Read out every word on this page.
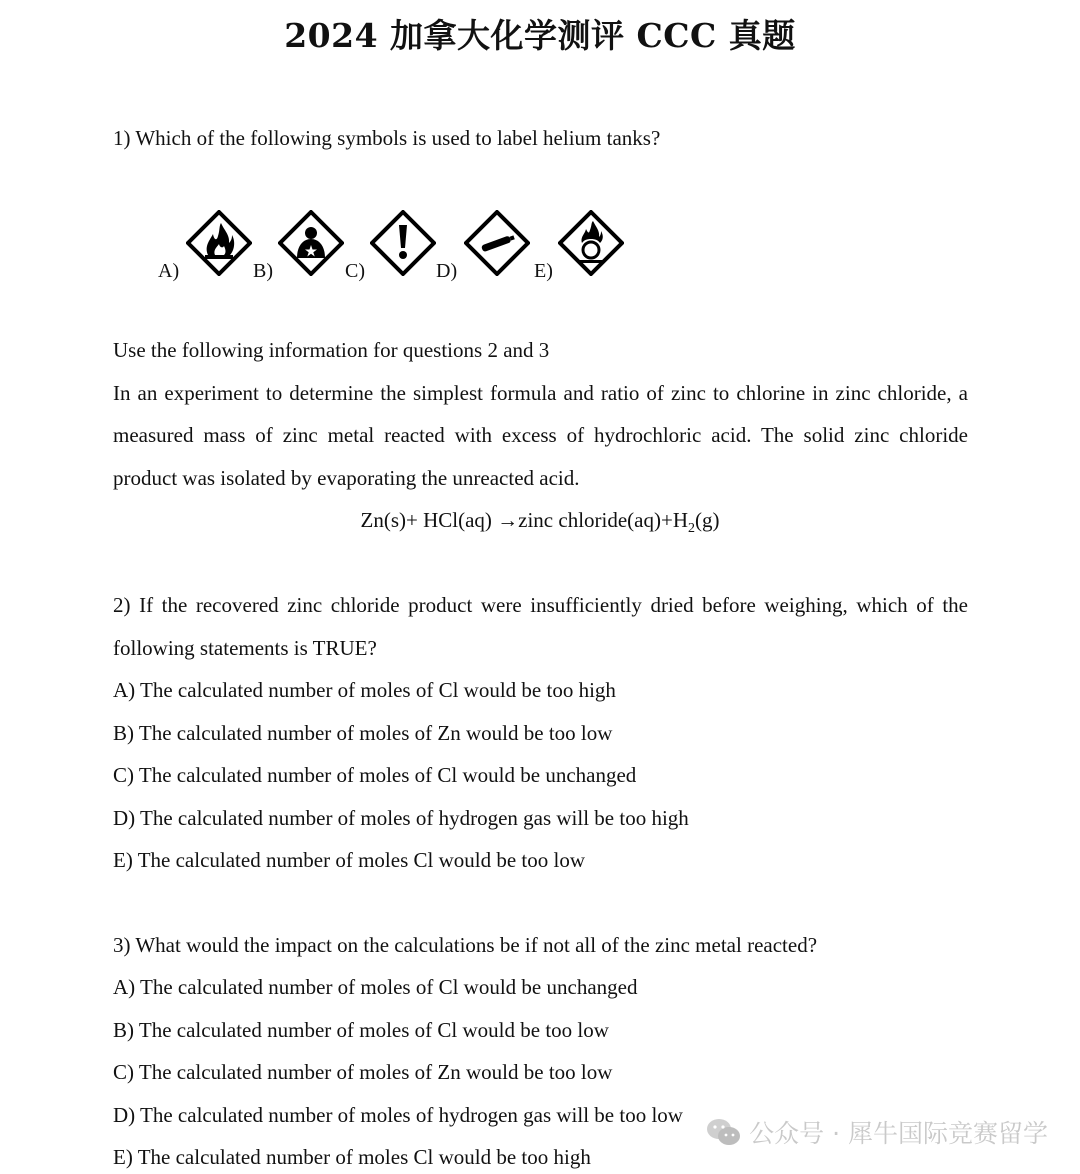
2024 加拿大化学测评 CCC 真题
1) Which of the following symbols is used to label helium tanks?
A)	B)	C)	D)	E)
Use the following information for questions 2 and 3
In an experiment to determine the simplest formula and ratio of zinc to chlorine in zinc chloride, a
measured mass of zinc metal reacted with excess of hydrochloric acid. The solid zinc chloride
product was isolated by evaporating the unreacted acid.
Zn(s)+ HCl(aq) →zinc $chloride(aq)+H_2(g)$
2) If the recovered zinc chloride product were insufficiently dried before weighing, which of the
following statements is TRUE?
A) The calculated number of moles of Cl would be too high
B) The calculated number of moles of Zn would be too low
C) The calculated number of moles of Cl would be unchanged
D) The calculated number of moles of hydrogen gas will be too high
E) The calculated number of moles Cl would be too low
3) What would the impact on the calculations be if not all of the zinc metal reacted?
A) The calculated number of moles of Cl would be unchanged
B) The calculated number of moles of Cl would be too low
C) The calculated number of moles of Zn would be too low
D) The calculated number of moles of hydrogen gas will be too low
E) The calculated number of moles Cl would be too high
公众号 · 犀牛国际竞赛留学
